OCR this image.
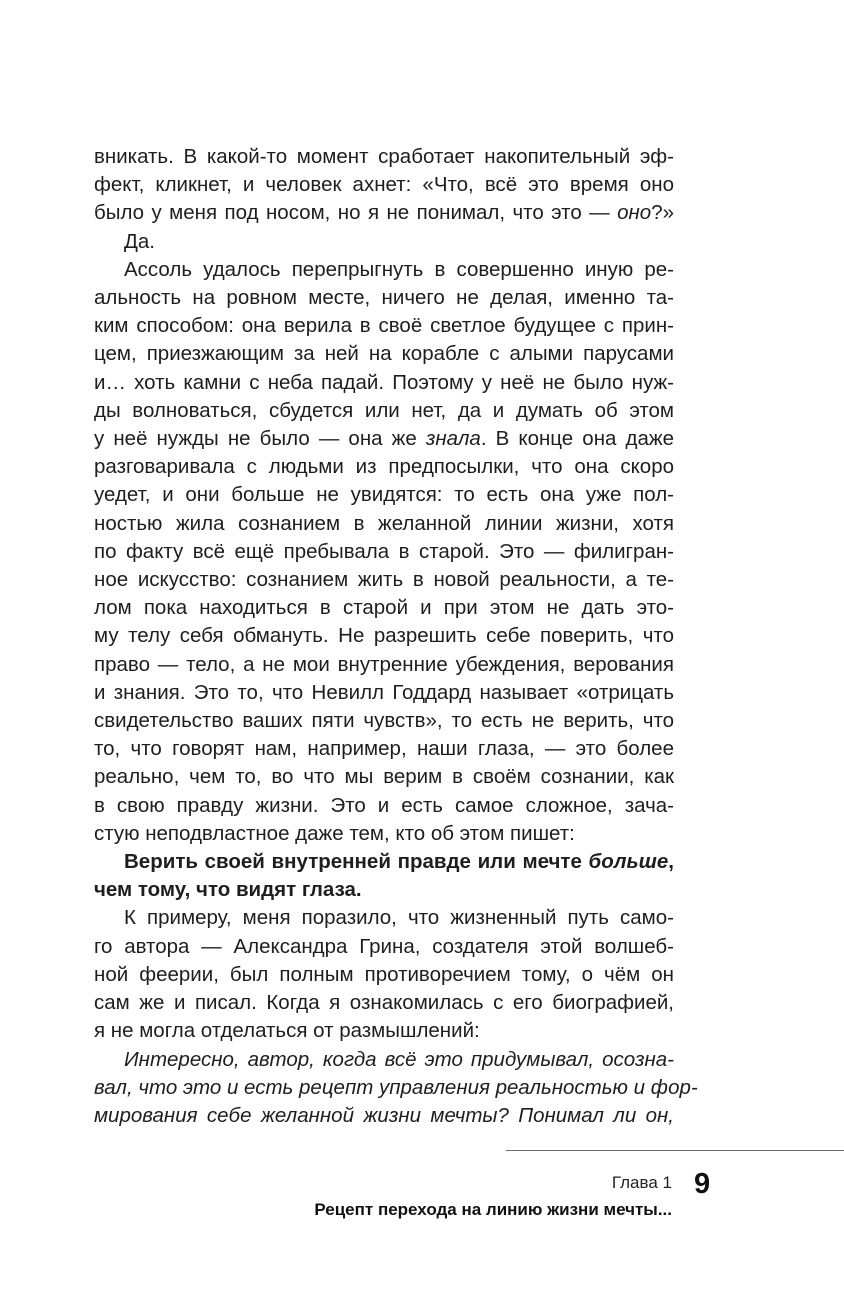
вникать. В какой-то момент сработает накопительный эф-
фект, кликнет, и человек ахнет: «Что, всё это время оно
было у меня под носом, но я не понимал, что это — оно?»

Да.

Ассоль удалось перепрыгнуть в совершенно иную ре-
альность на ровном месте, ничего не делая, именно та-
ким способом: она верила в своё светлое будущее с прин-
цем, приезжающим за ней на корабле с алыми парусами
и… хоть камни с неба падай. Поэтому у неё не было нуж-
ды волноваться, сбудется или нет, да и думать об этом
у неё нужды не было — она же знала. В конце она даже
разговаривала с людьми из предпосылки, что она скоро
уедет, и они больше не увидятся: то есть она уже пол-
ностью жила сознанием в желанной линии жизни, хотя
по факту всё ещё пребывала в старой. Это — филигран-
ное искусство: сознанием жить в новой реальности, а те-
лом пока находиться в старой и при этом не дать это-
му телу себя обмануть. Не разрешить себе поверить, что
право — тело, а не мои внутренние убеждения, верования
и знания. Это то, что Невилл Годдард называет «отрицать
свидетельство ваших пяти чувств», то есть не верить, что
то, что говорят нам, например, наши глаза, — это более
реально, чем то, во что мы верим в своём сознании, как
в свою правду жизни. Это и есть самое сложное, зача-
стую неподвластное даже тем, кто об этом пишет:

Верить своей внутренней правде или мечте больше,
чем тому, что видят глаза.

К примеру, меня поразило, что жизненный путь само-
го автора — Александра Грина, создателя этой волшеб-
ной феерии, был полным противоречием тому, о чём он
сам же и писал. Когда я ознакомилась с его биографией,
я не могла отделаться от размышлений:

Интересно, автор, когда всё это придумывал, осозна-
вал, что это и есть рецепт управления реальностью и фор-
мирования себе желанной жизни мечты? Понимал ли он,

Глава 1 9
Рецепт перехода на линию жизни мечты...
